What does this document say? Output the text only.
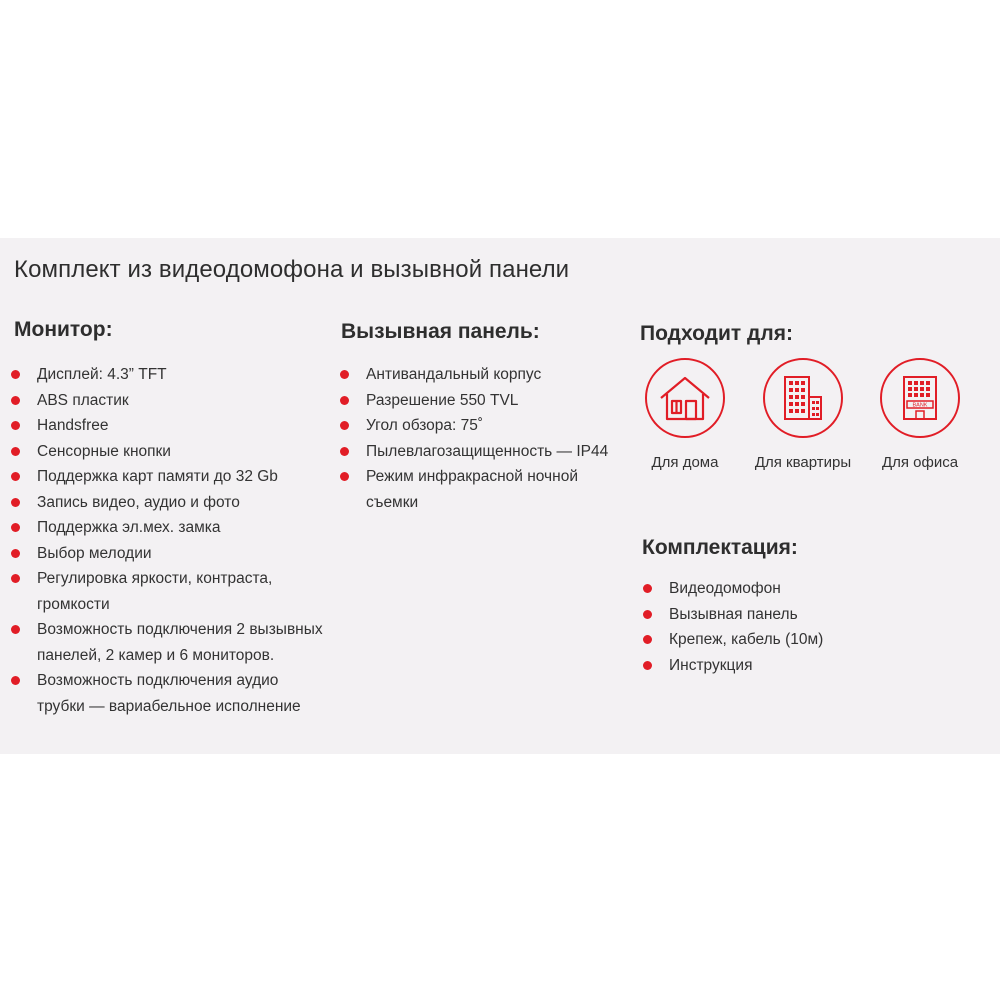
Комплект из видеодомофона и вызывной панели
Монитор:
Дисплей: 4.3” TFT
ABS пластик
Handsfree
Сенсорные кнопки
Поддержка карт памяти до 32 Gb
Запись видео, аудио и фото
Поддержка эл.мех. замка
Выбор мелодии
Регулировка яркости, контраста,
громкости
Возможность подключения 2 вызывных
панелей, 2 камер и 6 мониторов.
Возможность подключения аудио
трубки — вариабельное исполнение
Вызывная панель:
Антивандальный корпус
Разрешение 550 TVL
Угол обзора: 75˚
Пылевлагозащищенность — IP44
Режим инфракрасной ночной
съемки
Подходит для:
Для дома	Для квартиры
BANK
Для офиса
Комплектация:
Видеодомофон
Вызывная панель
Крепеж, кабель (10м)
Инструкция
